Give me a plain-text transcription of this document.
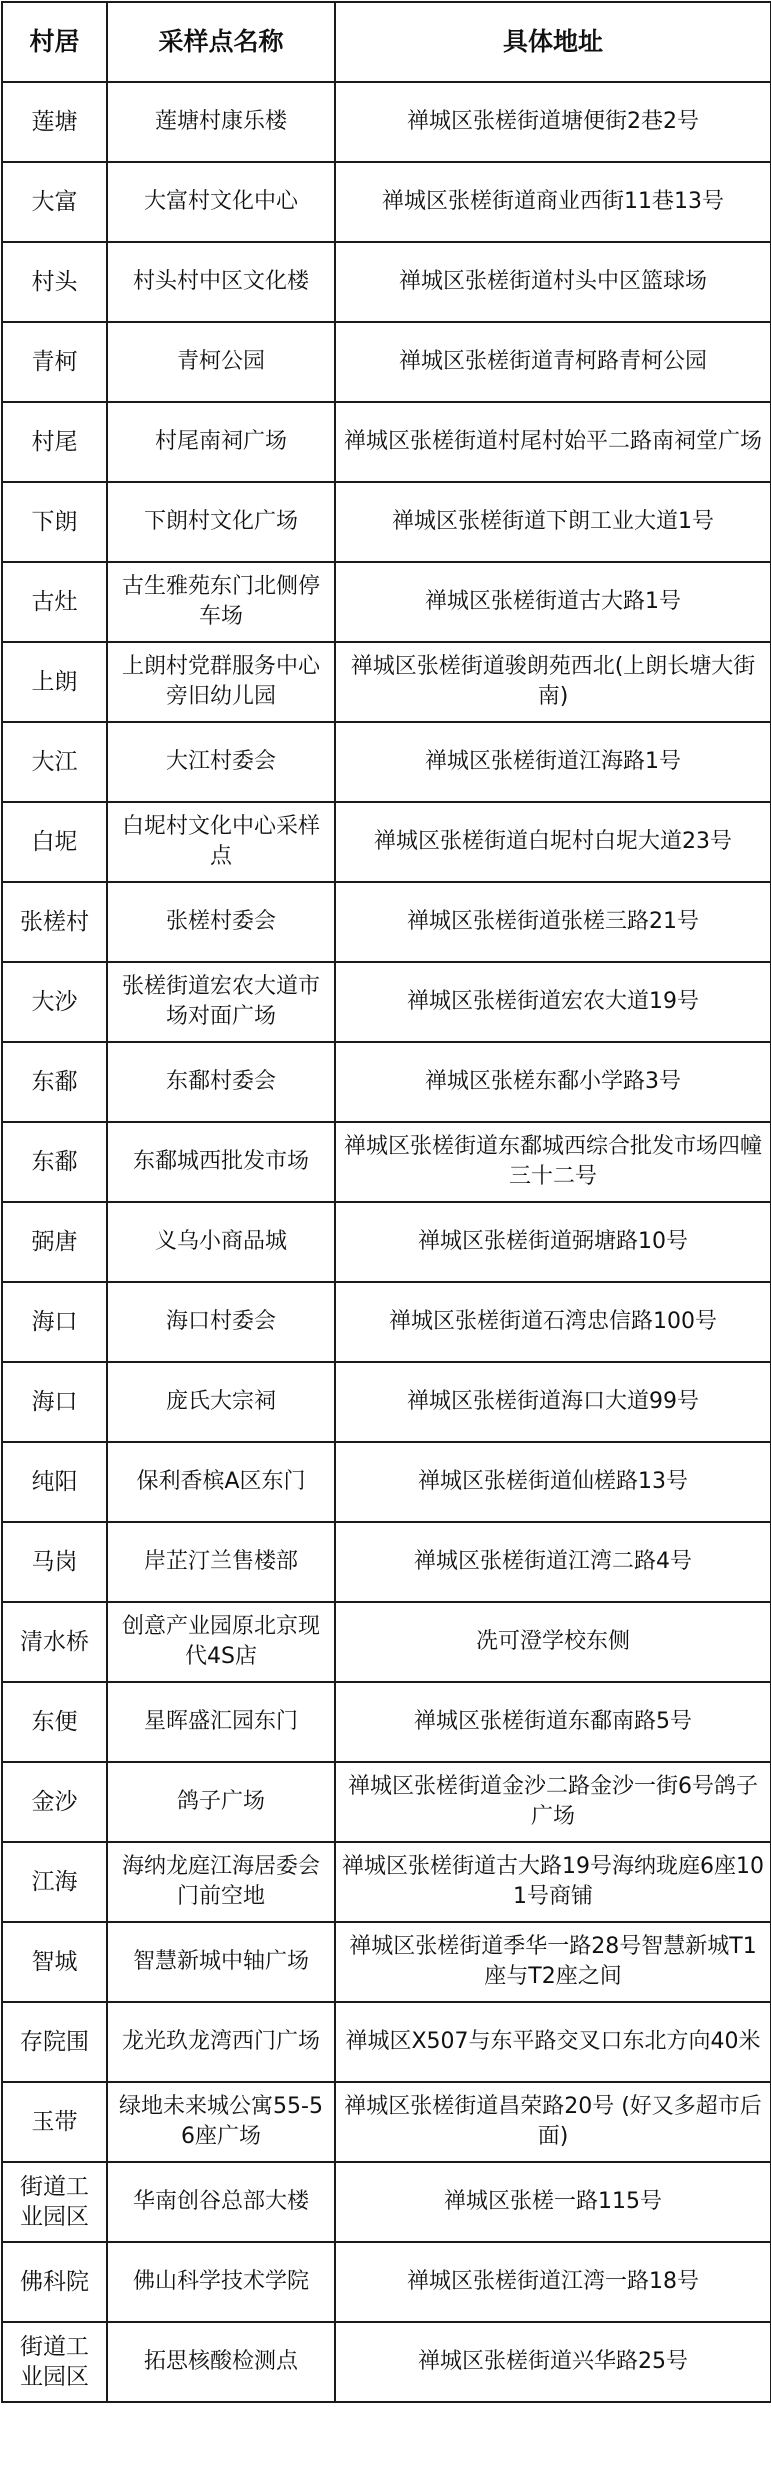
村居	采样点名称	具体地址
莲塘	莲塘村康乐楼	禅城区张槎街道塘便街2巷2号
大富	大富村文化中心	禅城区张槎街道商业西街11巷13号
村头	村头村中区文化楼	禅城区张槎街道村头中区篮球场
青柯	青柯公园	禅城区张槎街道青柯路青柯公园
村尾	村尾南祠广场	禅城区张槎街道村尾村始平二路南祠堂广场
下朗	下朗村文化广场	禅城区张槎街道下朗工业大道1号
古灶	古生雅苑东门北侧停车场	禅城区张槎街道古大路1号
上朗	上朗村党群服务中心旁旧幼儿园	禅城区张槎街道骏朗苑西北(上朗长塘大街南)
大江	大江村委会	禅城区张槎街道江海路1号
白坭	白坭村文化中心采样点	禅城区张槎街道白坭村白坭大道23号
张槎村	张槎村委会	禅城区张槎街道张槎三路21号
大沙	张槎街道宏农大道市场对面广场	禅城区张槎街道宏农大道19号
东鄱	东鄱村委会	禅城区张槎东鄱小学路3号
东鄱	东鄱城西批发市场	禅城区张槎街道东鄱城西综合批发市场四幢三十二号
弼唐	义乌小商品城	禅城区张槎街道弼塘路10号
海口	海口村委会	禅城区张槎街道石湾忠信路100号
海口	庞氏大宗祠	禅城区张槎街道海口大道99号
纯阳	保利香槟A区东门	禅城区张槎街道仙槎路13号
马岗	岸芷汀兰售楼部	禅城区张槎街道江湾二路4号
清水桥	创意产业园原北京现代4S店	冼可澄学校东侧
东便	星晖盛汇园东门	禅城区张槎街道东鄱南路5号
金沙	鸽子广场	禅城区张槎街道金沙二路金沙一街6号鸽子广场
江海	海纳龙庭江海居委会门前空地	禅城区张槎街道古大路19号海纳珑庭6座101号商铺
智城	智慧新城中轴广场	禅城区张槎街道季华一路28号智慧新城T1座与T2座之间
存院围	龙光玖龙湾西门广场	禅城区X507与东平路交叉口东北方向40米
玉带	绿地未来城公寓55-56座广场	禅城区张槎街道昌荣路20号 (好又多超市后面)
街道工业园区	华南创谷总部大楼	禅城区张槎一路115号
佛科院	佛山科学技术学院	禅城区张槎街道江湾一路18号
街道工业园区	拓思核酸检测点	禅城区张槎街道兴华路25号
